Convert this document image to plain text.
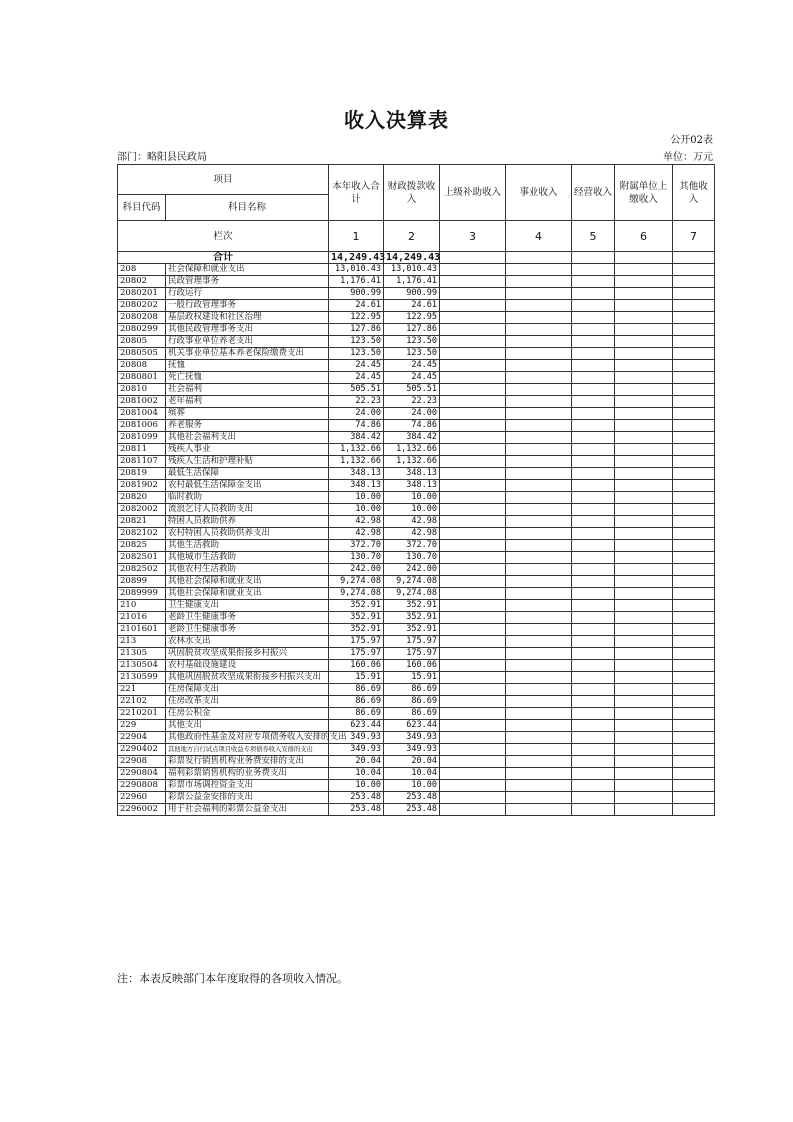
收入决算表
公开02表
部门：略阳县民政局	单位：万元
项目		本年收入合计	财政拨款收入	上级补助收入	事业收入	经营收入	附属单位上缴收入	其他收入
科目代码	科目名称							
栏次		1	2	3	4	5	6	7
合计		14,249.43	14,249.43					
208	社会保障和就业支出	13,010.43	13,010.43					
20802	民政管理事务	1,176.41	1,176.41					
2080201	行政运行	900.99	900.99					
2080202	一般行政管理事务	24.61	24.61					
2080208	基层政权建设和社区治理	122.95	122.95					
2080299	其他民政管理事务支出	127.86	127.86					
20805	行政事业单位养老支出	123.50	123.50					
2080505	机关事业单位基本养老保险缴费支出	123.50	123.50					
20808	抚恤	24.45	24.45					
2080801	死亡抚恤	24.45	24.45					
20810	社会福利	505.51	505.51					
2081002	老年福利	22.23	22.23					
2081004	殡葬	24.00	24.00					
2081006	养老服务	74.86	74.86					
2081099	其他社会福利支出	384.42	384.42					
20811	残疾人事业	1,132.66	1,132.66					
2081107	残疾人生活和护理补贴	1,132.66	1,132.66					
20819	最低生活保障	348.13	348.13					
2081902	农村最低生活保障金支出	348.13	348.13					
20820	临时救助	10.00	10.00					
2082002	流浪乞讨人员救助支出	10.00	10.00					
20821	特困人员救助供养	42.98	42.98					
2082102	农村特困人员救助供养支出	42.98	42.98					
20825	其他生活救助	372.70	372.70					
2082501	其他城市生活救助	130.70	130.70					
2082502	其他农村生活救助	242.00	242.00					
20899	其他社会保障和就业支出	9,274.08	9,274.08					
2089999	其他社会保障和就业支出	9,274.08	9,274.08					
210	卫生健康支出	352.91	352.91					
21016	老龄卫生健康事务	352.91	352.91					
2101601	老龄卫生健康事务	352.91	352.91					
213	农林水支出	175.97	175.97					
21305	巩固脱贫攻坚成果衔接乡村振兴	175.97	175.97					
2130504	农村基础设施建设	160.06	160.06					
2130599	其他巩固脱贫攻坚成果衔接乡村振兴支出	15.91	15.91					
221	住房保障支出	86.69	86.69					
22102	住房改革支出	86.69	86.69					
2210201	住房公积金	86.69	86.69					
229	其他支出	623.44	623.44					
22904	其他政府性基金及对应专项债务收入安排的支出	349.93	349.93					
2290402	其他地方自行试点项目收益专项债券收入安排的支出	349.93	349.93					
22908	彩票发行销售机构业务费安排的支出	20.04	20.04					
2290804	福利彩票销售机构的业务费支出	10.04	10.04					
2290808	彩票市场调控资金支出	10.00	10.00					
22960	彩票公益金安排的支出	253.48	253.48					
2296002	用于社会福利的彩票公益金支出	253.48	253.48					
注：本表反映部门本年度取得的各项收入情况。
